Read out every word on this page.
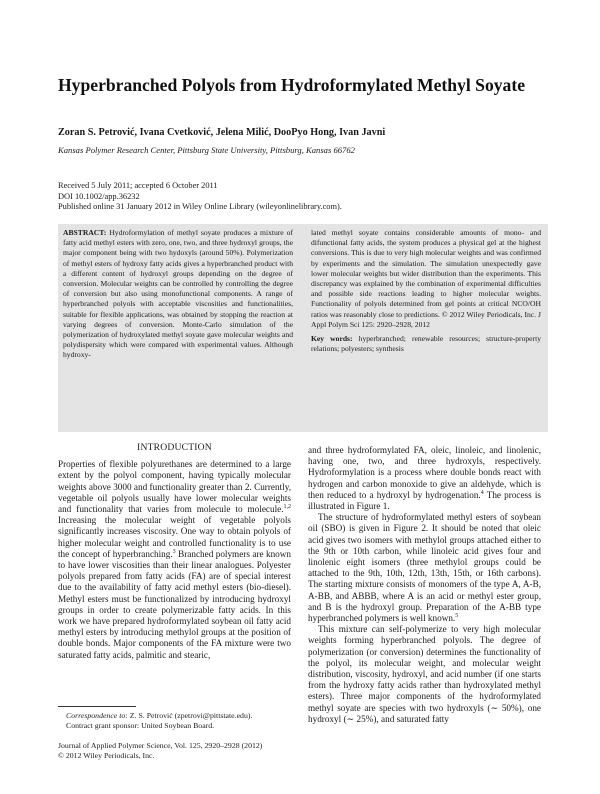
Hyperbranched Polyols from Hydroformylated Methyl Soyate

Zoran S. Petrović, Ivana Cvetković, Jelena Milić, DooPyo Hong, Ivan Javni

Kansas Polymer Research Center, Pittsburg State University, Pittsburg, Kansas 66762

Received 5 July 2011; accepted 6 October 2011
DOI 10.1002/app.36232
Published online 31 January 2012 in Wiley Online Library (wileyonlinelibrary.com).
ABSTRACT: Hydroformylation of methyl soyate produces a mixture of fatty acid methyl esters with zero, one, two, and three hydroxyl groups, the major component being with two hydoxyls (around 50%). Polymerization of methyl esters of hydroxy fatty acids gives a hyperbranched product with a different content of hydroxyl groups depending on the degree of conversion. Molecular weights can be controlled by controlling the degree of conversion but also using monofunctional components. A range of hyperbranched polyols with acceptable viscosities and functionalities, suitable for flexible applications, was obtained by stopping the reaction at varying degrees of conversion. Monte-Carlo simulation of the polymerization of hydroxylated methyl soyate gave molecular weights and polydispersity which were compared with experimental values. Although hydroxy-
lated methyl soyate contains considerable amounts of mono- and difunctional fatty acids, the system produces a physical gel at the highest conversions. This is due to very high molecular weights and was confirmed by experiments and the simulation. The simulation unexpectedly gave lower molecular weights but wider distribution than the experiments. This discrepancy was explained by the combination of experimental difficulties and possible side reactions leading to higher molecular weights. Functionality of polyols determined from gel points at critical NCO/OH ratios was reasonably close to predictions. © 2012 Wiley Periodicals, Inc. J Appl Polym Sci 125: 2920–2928, 2012
Key words: hyperbranched; renewable resources; structure-property relations; polyesters; synthesis
INTRODUCTION

Properties of flexible polyurethanes are determined to a large extent by the polyol component, having typically molecular weights above 3000 and functionality greater than 2. Currently, vegetable oil polyols usually have lower molecular weights and functionality that varies from molecule to molecule.$^{1,2}$ Increasing the molecular weight of vegetable polyols significantly increases viscosity. One way to obtain polyols of higher molecular weight and controlled functionality is to use the concept of hyperbranching.$^3$ Branched polymers are known to have lower viscosities than their linear analogues. Polyester polyols prepared from fatty acids (FA) are of special interest due to the availability of fatty acid methyl esters (bio-diesel). Methyl esters must be functionalized by introducing hydroxyl groups in order to create polymerizable fatty acids. In this work we have prepared hydroformylated soybean oil fatty acid methyl esters by introducing methylol groups at the position of double bonds. Major components of the FA mixture were two saturated fatty acids, palmitic and stearic,

and three hydroformylated FA, oleic, linoleic, and linolenic, having one, two, and three hydroxyls, respectively. Hydroformylation is a process where double bonds react with hydrogen and carbon monoxide to give an aldehyde, which is then reduced to a hydroxyl by hydrogenation.$^4$ The process is illustrated in Figure 1.

The structure of hydroformylated methyl esters of soybean oil (SBO) is given in Figure 2. It should be noted that oleic acid gives two isomers with methylol groups attached either to the 9th or 10th carbon, while linoleic acid gives four and linolenic eight isomers (three methylol groups could be attached to the 9th, 10th, 12th, 13th, 15th, or 16th carbons). The starting mixture consists of monomers of the type A, A-B, A-BB, and ABBB, where A is an acid or methyl ester group, and B is the hydroxyl group. Preparation of the A-BB type hyperbranched polymers is well known.$^5$

This mixture can self-polymerize to very high molecular weights forming hyperbranched polyols. The degree of polymerization (or conversion) determines the functionality of the polyol, its molecular weight, and molecular weight distribution, viscosity, hydroxyl, and acid number (if one starts from the hydroxy fatty acids rather than hydroxylated methyl esters). Three major components of the hydroformylated methyl soyate are species with two hydroxyls (∼ 50%), one hydroxyl (∼ 25%), and saturated fatty

Correspondence to: Z. S. Petrović (zpetrovi@pittstate.edu).
Contract grant sponsor: United Soybean Board.
Journal of Applied Polymer Science, Vol. 125, 2920–2928 (2012)
© 2012 Wiley Periodicals, Inc.
